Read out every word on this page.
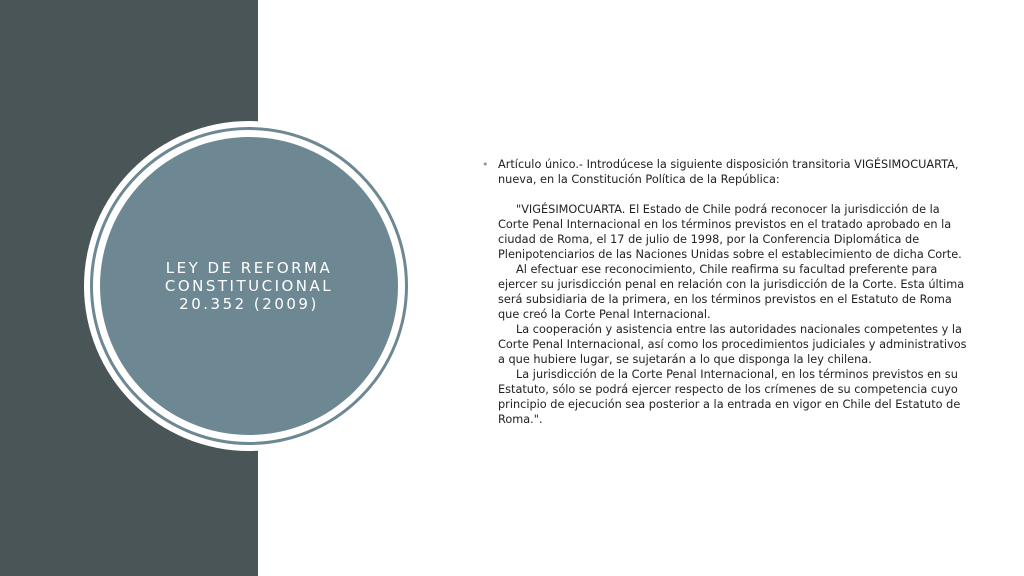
LEY DE REFORMA
CONSTITUCIONAL
20.352 (2009)
• Artículo único.- Introdúcese la siguiente disposición transitoria VIGÉSIMOCUARTA, nueva, en la Constitución Política de la República:

"VIGÉSIMOCUARTA. El Estado de Chile podrá reconocer la jurisdicción de la Corte Penal Internacional en los términos previstos en el tratado aprobado en la ciudad de Roma, el 17 de julio de 1998, por la Conferencia Diplomática de Plenipotenciarios de las Naciones Unidas sobre el establecimiento de dicha Corte.

Al efectuar ese reconocimiento, Chile reafirma su facultad preferente para ejercer su jurisdicción penal en relación con la jurisdicción de la Corte. Esta última será subsidiaria de la primera, en los términos previstos en el Estatuto de Roma que creó la Corte Penal Internacional.

La cooperación y asistencia entre las autoridades nacionales competentes y la Corte Penal Internacional, así como los procedimientos judiciales y administrativos a que hubiere lugar, se sujetarán a lo que disponga la ley chilena.

La jurisdicción de la Corte Penal Internacional, en los términos previstos en su Estatuto, sólo se podrá ejercer respecto de los crímenes de su competencia cuyo principio de ejecución sea posterior a la entrada en vigor en Chile del Estatuto de Roma.".
